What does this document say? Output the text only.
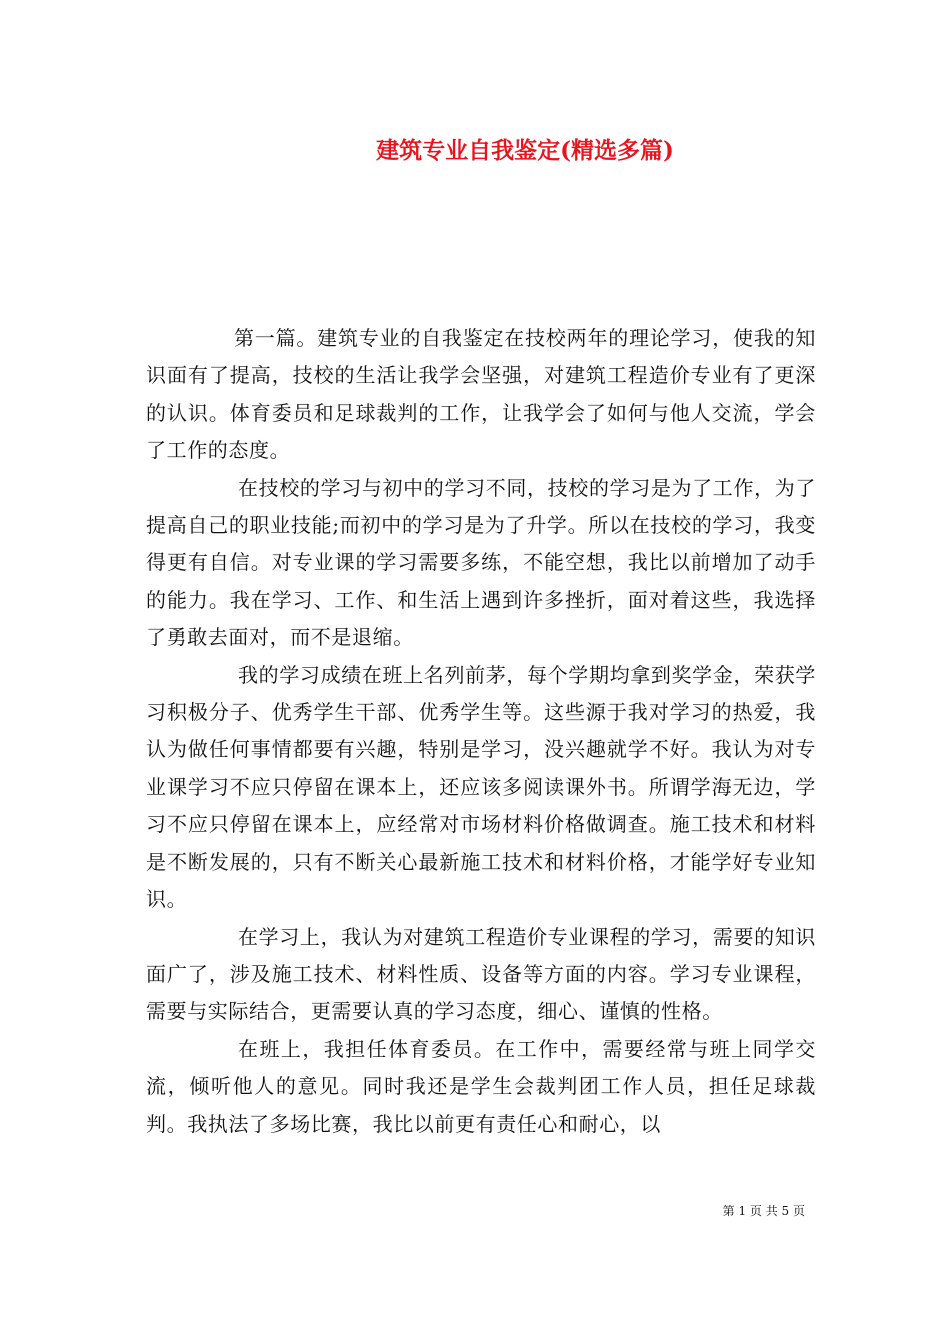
建筑专业自我鉴定(精选多篇)

第一篇。建筑专业的自我鉴定在技校两年的理论学习，使我的知识面有了提高，技校的生活让我学会坚强，对建筑工程造价专业有了更深的认识。体育委员和足球裁判的工作，让我学会了如何与他人交流，学会了工作的态度。

在技校的学习与初中的学习不同，技校的学习是为了工作，为了提高自己的职业技能;而初中的学习是为了升学。所以在技校的学习，我变得更有自信。对专业课的学习需要多练，不能空想，我比以前增加了动手的能力。我在学习、工作、和生活上遇到许多挫折，面对着这些，我选择了勇敢去面对，而不是退缩。

我的学习成绩在班上名列前茅，每个学期均拿到奖学金，荣获学习积极分子、优秀学生干部、优秀学生等。这些源于我对学习的热爱，我认为做任何事情都要有兴趣，特别是学习，没兴趣就学不好。我认为对专业课学习不应只停留在课本上，还应该多阅读课外书。所谓学海无边，学习不应只停留在课本上，应经常对市场材料价格做调查。施工技术和材料是不断发展的，只有不断关心最新施工技术和材料价格，才能学好专业知识。

在学习上，我认为对建筑工程造价专业课程的学习，需要的知识面广了，涉及施工技术、材料性质、设备等方面的内容。学习专业课程，需要与实际结合，更需要认真的学习态度，细心、谨慎的性格。

在班上，我担任体育委员。在工作中，需要经常与班上同学交流，倾听他人的意见。同时我还是学生会裁判团工作人员，担任足球裁判。我执法了多场比赛，我比以前更有责任心和耐心，以

第 1 页 共 5 页
